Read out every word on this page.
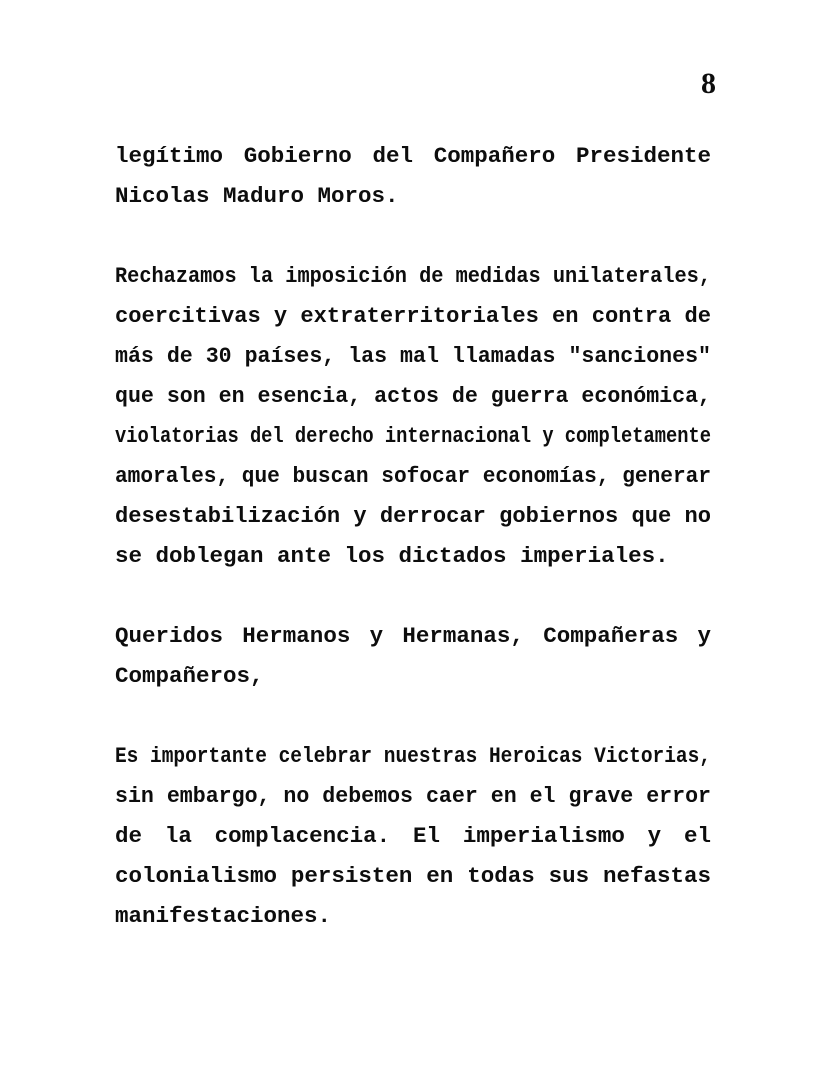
8
legítimo Gobierno del Compañero Presidente
Nicolas Maduro Moros.
Rechazamos la imposición de medidas unilaterales,
coercitivas y extraterritoriales en contra de
más de 30 países, las mal llamadas "sanciones"
que son en esencia, actos de guerra económica,
violatorias del derecho internacional y completamente
amorales, que buscan sofocar economías, generar
desestabilización y derrocar gobiernos que no
se doblegan ante los dictados imperiales.
Queridos Hermanos y Hermanas, Compañeras y
Compañeros,
Es importante celebrar nuestras Heroicas Victorias,
sin embargo, no debemos caer en el grave error
de la complacencia. El imperialismo y el
colonialismo persisten en todas sus nefastas
manifestaciones.
